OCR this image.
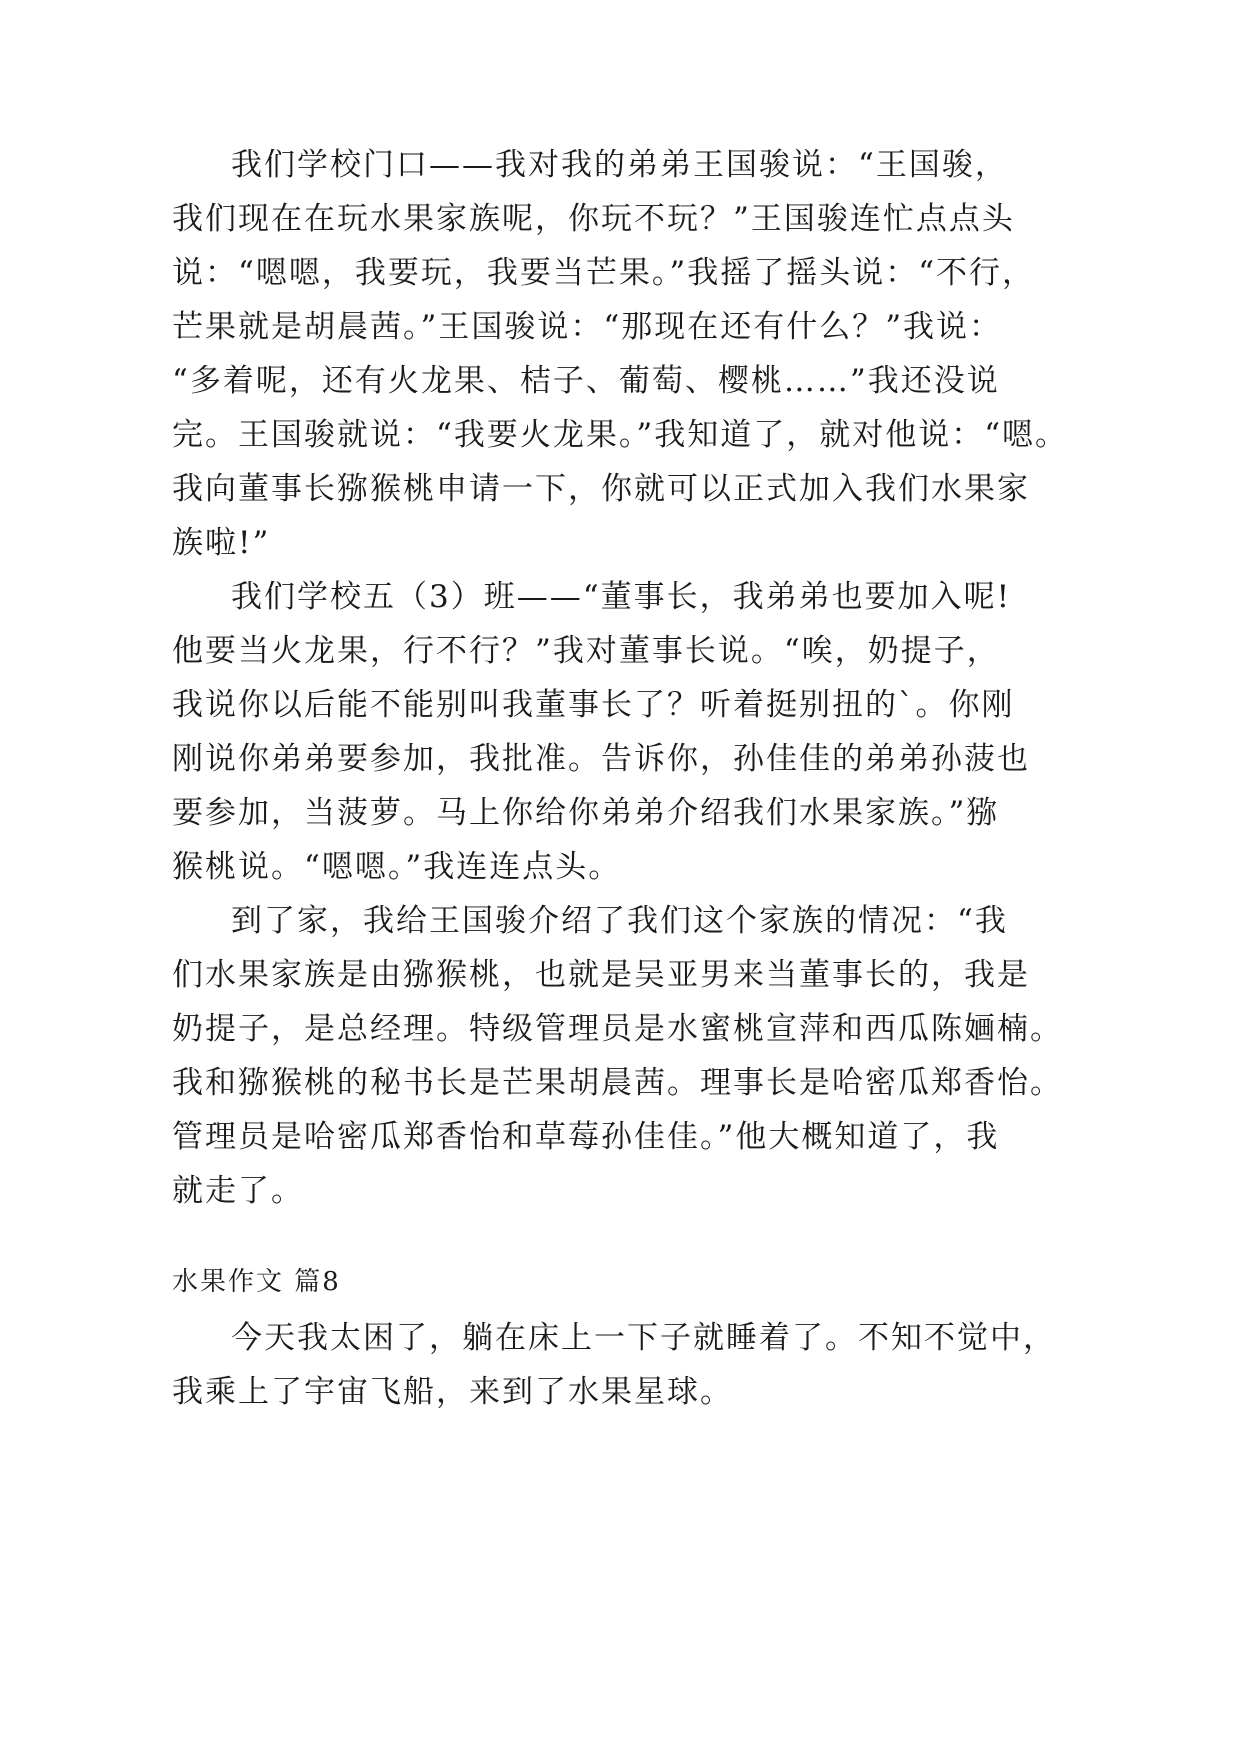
我们学校门口——我对我的弟弟王国骏说：“王国骏，
我们现在在玩水果家族呢，你玩不玩？”王国骏连忙点点头
说：“嗯嗯，我要玩，我要当芒果。”我摇了摇头说：“不行，
芒果就是胡晨茜。”王国骏说：“那现在还有什么？”我说：
“多着呢，还有火龙果、桔子、葡萄、樱桃……”我还没说
完。王国骏就说：“我要火龙果。”我知道了，就对他说：“嗯。
我向董事长猕猴桃申请一下，你就可以正式加入我们水果家
族啦!”
我们学校五（3）班——“董事长，我弟弟也要加入呢!
他要当火龙果，行不行？”我对董事长说。“唉，奶提子，
我说你以后能不能别叫我董事长了？听着挺别扭的`。你刚
刚说你弟弟要参加，我批准。告诉你，孙佳佳的弟弟孙菠也
要参加，当菠萝。马上你给你弟弟介绍我们水果家族。”猕
猴桃说。“嗯嗯。”我连连点头。
到了家，我给王国骏介绍了我们这个家族的情况：“我
们水果家族是由猕猴桃，也就是吴亚男来当董事长的，我是
奶提子，是总经理。特级管理员是水蜜桃宣萍和西瓜陈婳楠。
我和猕猴桃的秘书长是芒果胡晨茜。理事长是哈密瓜郑香怡。
管理员是哈密瓜郑香怡和草莓孙佳佳。”他大概知道了，我
就走了。
水果作文 篇8
今天我太困了，躺在床上一下子就睡着了。不知不觉中，
我乘上了宇宙飞船，来到了水果星球。
